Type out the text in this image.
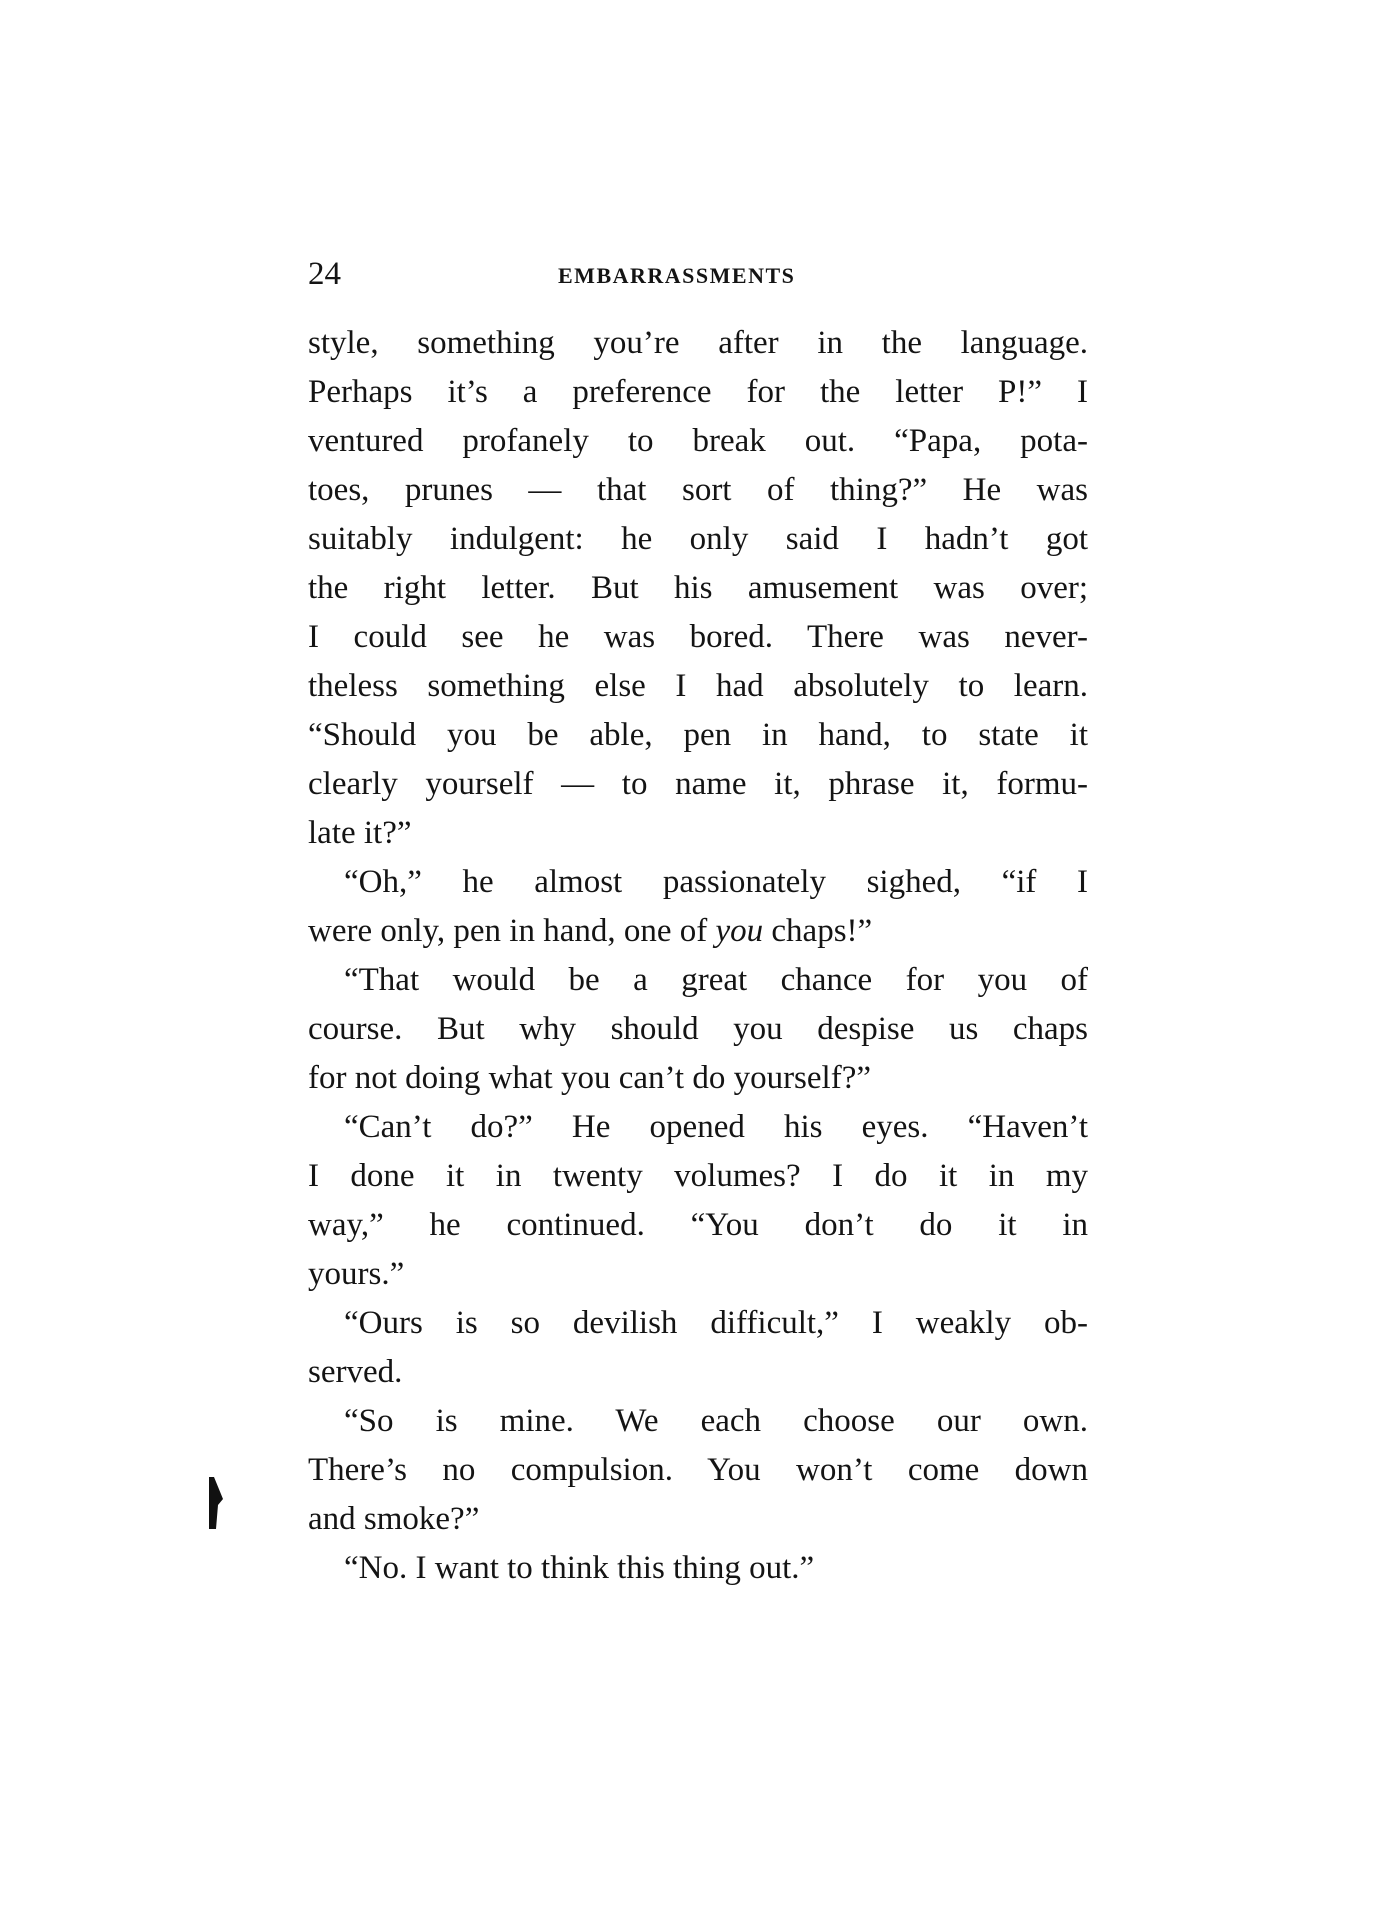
24	EMBARRASSMENTS
style, something you’re after in the language.
Perhaps it’s a preference for the letter P!” I
ventured profanely to break out. “Papa, pota-
toes, prunes — that sort of thing?” He was
suitably indulgent: he only said I hadn’t got
the right letter. But his amusement was over;
I could see he was bored. There was never-
theless something else I had absolutely to learn.
“Should you be able, pen in hand, to state it
clearly yourself — to name it, phrase it, formu-
late it?”
“Oh,” he almost passionately sighed, “if I
were only, pen in hand, one of you chaps!”
“That would be a great chance for you of
course. But why should you despise us chaps
for not doing what you can’t do yourself?”
“Can’t do?” He opened his eyes. “Haven’t
I done it in twenty volumes? I do it in my
way,” he continued. “You don’t do it in
yours.”
“Ours is so devilish difficult,” I weakly ob-
served.
“So is mine. We each choose our own.
There’s no compulsion. You won’t come down
and smoke?”
“No. I want to think this thing out.”
